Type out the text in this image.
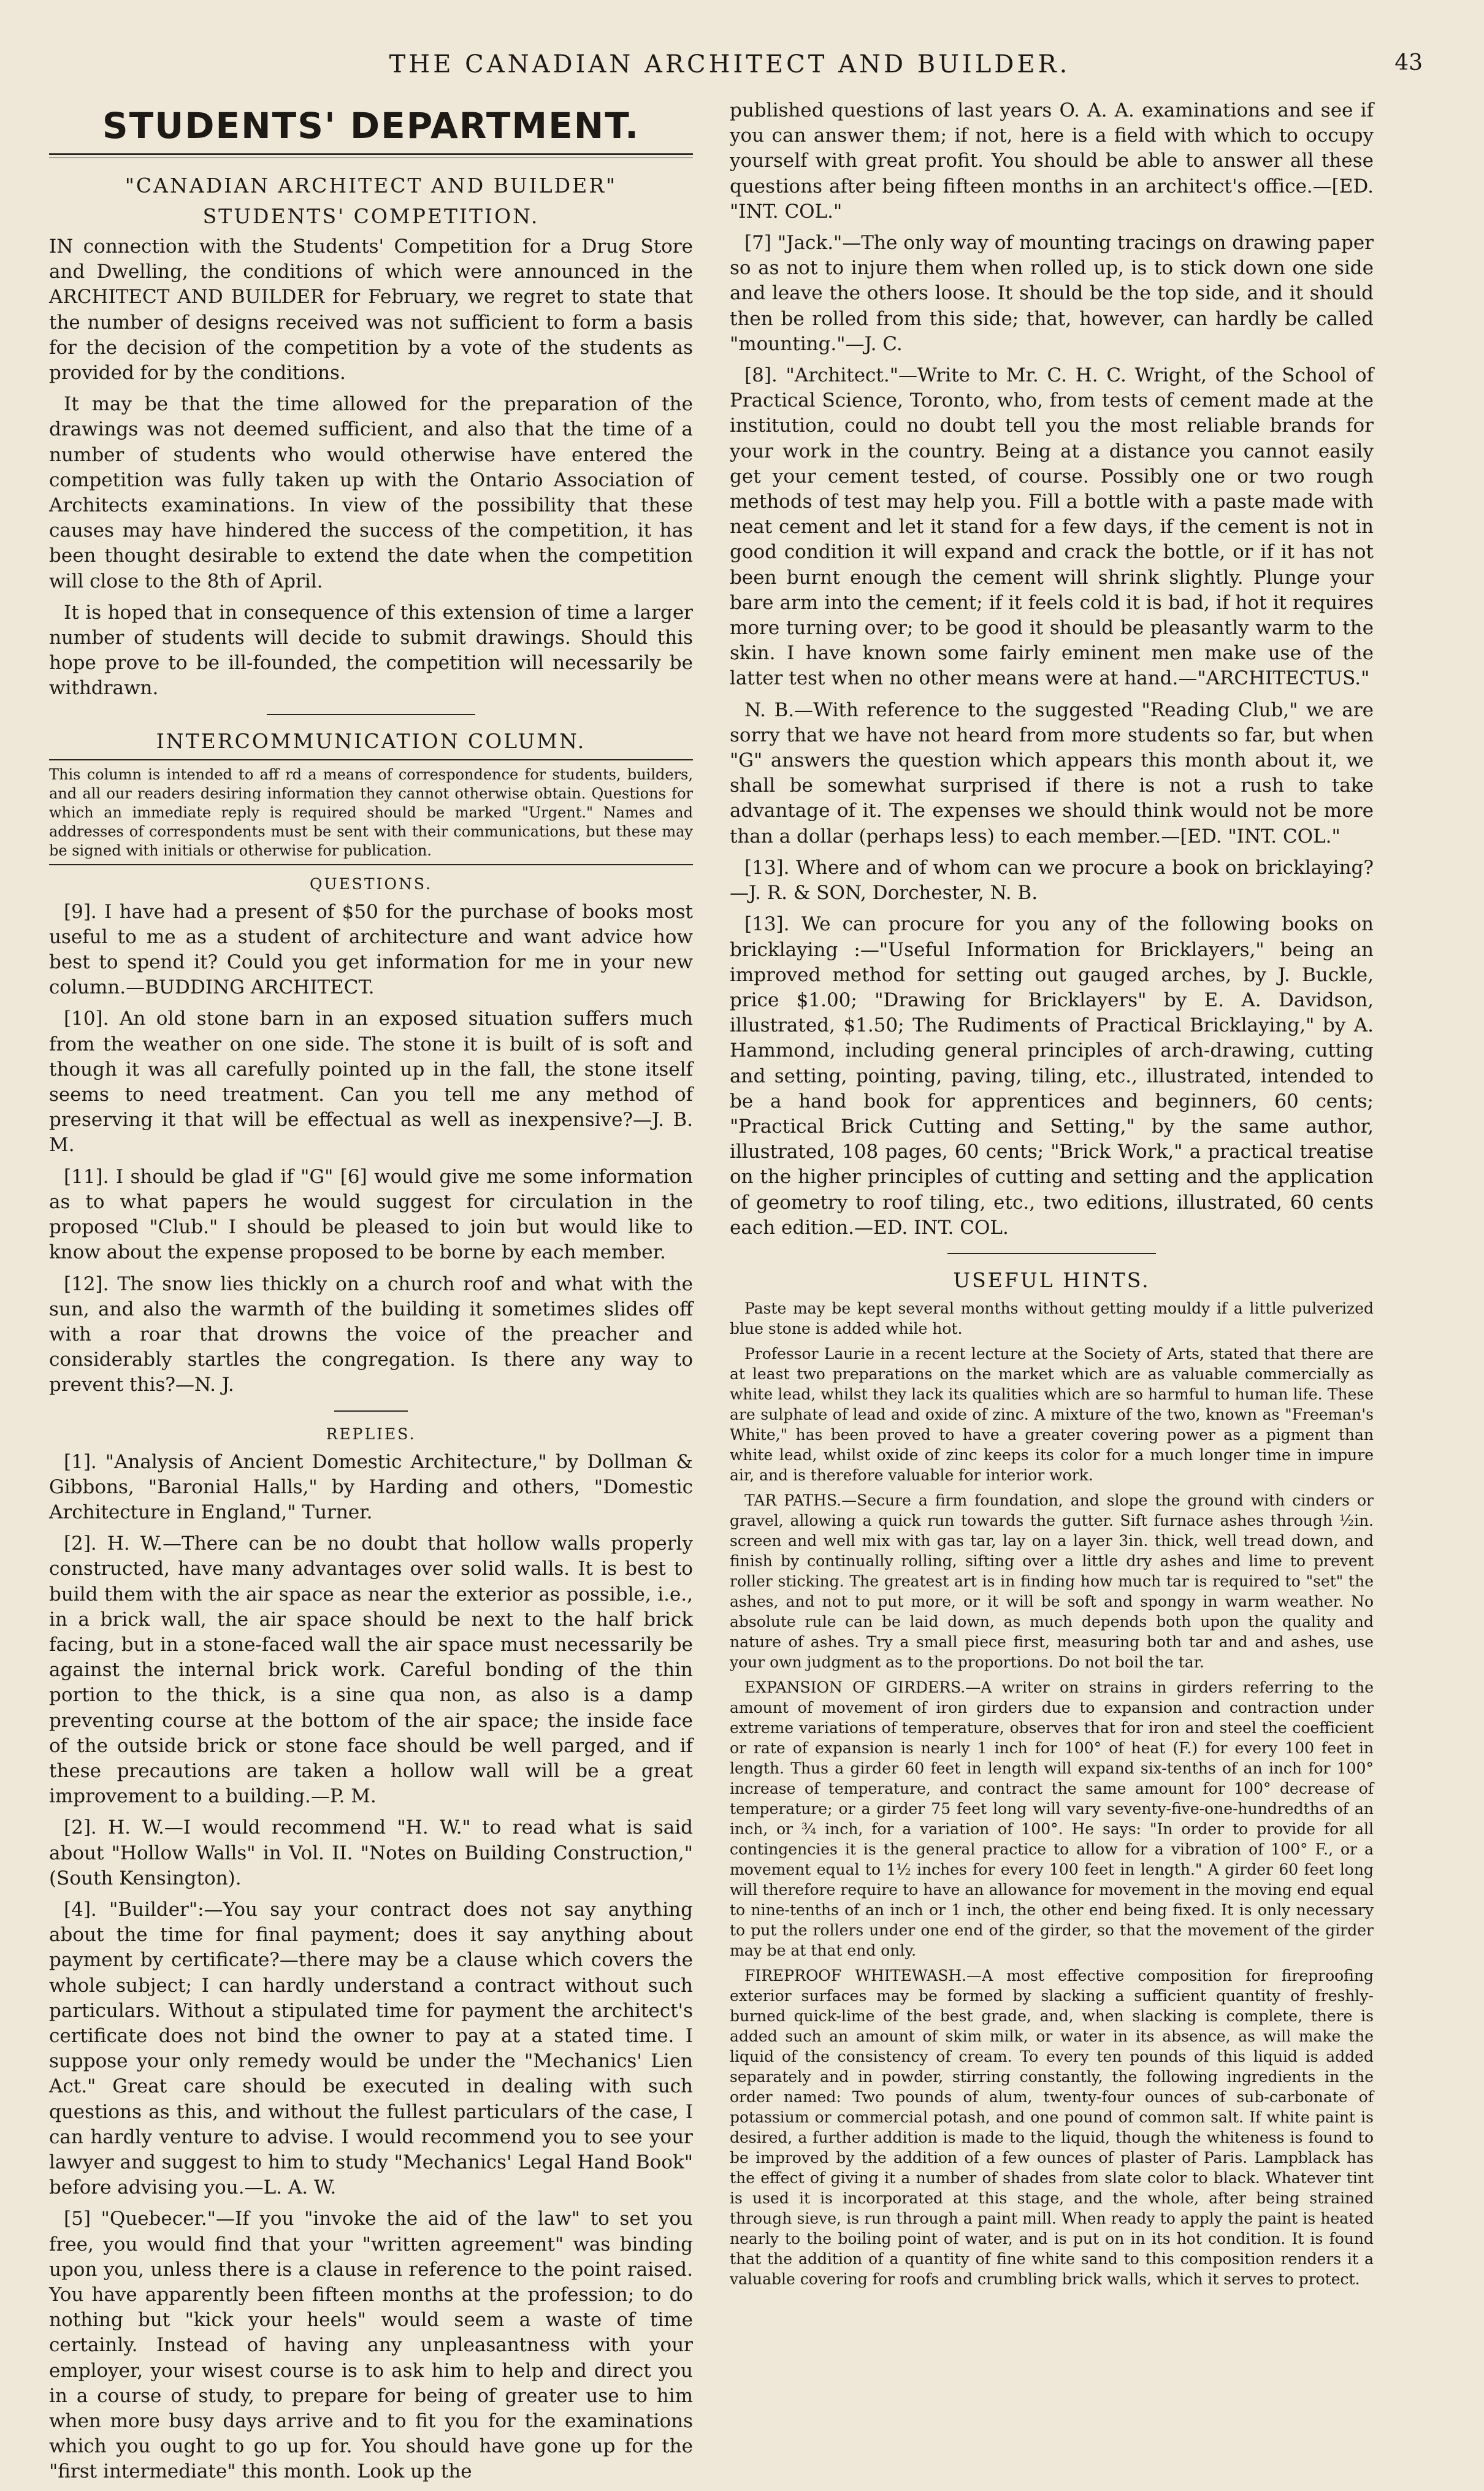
THE CANADIAN ARCHITECT AND BUILDER.	43
STUDENTS' DEPARTMENT.
"CANADIAN ARCHITECT AND BUILDER"
STUDENTS' COMPETITION.

IN connection with the Students' Competition for a Drug Store and Dwelling, the conditions of which were announced in the ARCHITECT AND BUILDER for February, we regret to state that the number of designs received was not sufficient to form a basis for the decision of the competition by a vote of the students as provided for by the conditions.

It may be that the time allowed for the preparation of the drawings was not deemed sufficient, and also that the time of a number of students who would otherwise have entered the competition was fully taken up with the Ontario Association of Architects examinations. In view of the possibility that these causes may have hindered the success of the competition, it has been thought desirable to extend the date when the competition will close to the 8th of April.

It is hoped that in consequence of this extension of time a larger number of students will decide to submit drawings. Should this hope prove to be ill-founded, the competition will necessarily be withdrawn.

INTERCOMMUNICATION COLUMN.
This column is intended to aff rd a means of correspondence for students, builders, and all our readers desiring information they cannot otherwise obtain. Questions for which an immediate reply is required should be marked "Urgent." Names and addresses of correspondents must be sent with their communications, but these may be signed with initials or otherwise for publication.
QUESTIONS.

[9]. I have had a present of $50 for the purchase of books most useful to me as a student of architecture and want advice how best to spend it? Could you get information for me in your new column.—BUDDING ARCHITECT.

[10]. An old stone barn in an exposed situation suffers much from the weather on one side. The stone it is built of is soft and though it was all carefully pointed up in the fall, the stone itself seems to need treatment. Can you tell me any method of preserving it that will be effectual as well as inexpensive?—J. B. M.

[11]. I should be glad if "G" [6] would give me some information as to what papers he would suggest for circulation in the proposed "Club." I should be pleased to join but would like to know about the expense proposed to be borne by each member.

[12]. The snow lies thickly on a church roof and what with the sun, and also the warmth of the building it sometimes slides off with a roar that drowns the voice of the preacher and considerably startles the congregation. Is there any way to prevent this?—N. J.

REPLIES.

[1]. "Analysis of Ancient Domestic Architecture," by Dollman & Gibbons, "Baronial Halls," by Harding and others, "Domestic Architecture in England," Turner.

[2]. H. W.—There can be no doubt that hollow walls properly constructed, have many advantages over solid walls. It is best to build them with the air space as near the exterior as possible, i.e., in a brick wall, the air space should be next to the half brick facing, but in a stone-faced wall the air space must necessarily be against the internal brick work. Careful bonding of the thin portion to the thick, is a sine qua non, as also is a damp preventing course at the bottom of the air space; the inside face of the outside brick or stone face should be well parged, and if these precautions are taken a hollow wall will be a great improvement to a building.—P. M.

[2]. H. W.—I would recommend "H. W." to read what is said about "Hollow Walls" in Vol. II. "Notes on Building Construction," (South Kensington).

[4]. "Builder":—You say your contract does not say anything about the time for final payment; does it say anything about payment by certificate?—there may be a clause which covers the whole subject; I can hardly understand a contract without such particulars. Without a stipulated time for payment the architect's certificate does not bind the owner to pay at a stated time. I suppose your only remedy would be under the "Mechanics' Lien Act." Great care should be executed in dealing with such questions as this, and without the fullest particulars of the case, I can hardly venture to advise. I would recommend you to see your lawyer and suggest to him to study "Mechanics' Legal Hand Book" before advising you.—L. A. W.

[5] "Quebecer."—If you "invoke the aid of the law" to set you free, you would find that your "written agreement" was binding upon you, unless there is a clause in reference to the point raised. You have apparently been fifteen months at the profession; to do nothing but "kick your heels" would seem a waste of time certainly. Instead of having any unpleasantness with your employer, your wisest course is to ask him to help and direct you in a course of study, to prepare for being of greater use to him when more busy days arrive and to fit you for the examinations which you ought to go up for. You should have gone up for the "first intermediate" this month. Look up the

published questions of last years O. A. A. examinations and see if you can answer them; if not, here is a field with which to occupy yourself with great profit. You should be able to answer all these questions after being fifteen months in an architect's office.—[ED. "INT. COL."

[7] "Jack."—The only way of mounting tracings on drawing paper so as not to injure them when rolled up, is to stick down one side and leave the others loose. It should be the top side, and it should then be rolled from this side; that, however, can hardly be called "mounting."—J. C.

[8]. "Architect."—Write to Mr. C. H. C. Wright, of the School of Practical Science, Toronto, who, from tests of cement made at the institution, could no doubt tell you the most reliable brands for your work in the country. Being at a distance you cannot easily get your cement tested, of course. Possibly one or two rough methods of test may help you. Fill a bottle with a paste made with neat cement and let it stand for a few days, if the cement is not in good condition it will expand and crack the bottle, or if it has not been burnt enough the cement will shrink slightly. Plunge your bare arm into the cement; if it feels cold it is bad, if hot it requires more turning over; to be good it should be pleasantly warm to the skin. I have known some fairly eminent men make use of the latter test when no other means were at hand.—"ARCHITECTUS."

N. B.—With reference to the suggested "Reading Club," we are sorry that we have not heard from more students so far, but when "G" answers the question which appears this month about it, we shall be somewhat surprised if there is not a rush to take advantage of it. The expenses we should think would not be more than a dollar (perhaps less) to each member.—[ED. "INT. COL."

[13]. Where and of whom can we procure a book on bricklaying?—J. R. & SON, Dorchester, N. B.

[13]. We can procure for you any of the following books on bricklaying :—"Useful Information for Bricklayers," being an improved method for setting out gauged arches, by J. Buckle, price $1.00; "Drawing for Bricklayers" by E. A. Davidson, illustrated, $1.50; The Rudiments of Practical Bricklaying," by A. Hammond, including general principles of arch-drawing, cutting and setting, pointing, paving, tiling, etc., illustrated, intended to be a hand book for apprentices and beginners, 60 cents; "Practical Brick Cutting and Setting," by the same author, illustrated, 108 pages, 60 cents; "Brick Work," a practical treatise on the higher principles of cutting and setting and the application of geometry to roof tiling, etc., two editions, illustrated, 60 cents each edition.—ED. INT. COL.

USEFUL HINTS.

Paste may be kept several months without getting mouldy if a little pulverized blue stone is added while hot.

Professor Laurie in a recent lecture at the Society of Arts, stated that there are at least two preparations on the market which are as valuable commercially as white lead, whilst they lack its qualities which are so harmful to human life. These are sulphate of lead and oxide of zinc. A mixture of the two, known as "Freeman's White," has been proved to have a greater covering power as a pigment than white lead, whilst oxide of zinc keeps its color for a much longer time in impure air, and is therefore valuable for interior work.

TAR PATHS.—Secure a firm foundation, and slope the ground with cinders or gravel, allowing a quick run towards the gutter. Sift furnace ashes through ½in. screen and well mix with gas tar, lay on a layer 3in. thick, well tread down, and finish by continually rolling, sifting over a little dry ashes and lime to prevent roller sticking. The greatest art is in finding how much tar is required to "set" the ashes, and not to put more, or it will be soft and spongy in warm weather. No absolute rule can be laid down, as much depends both upon the quality and nature of ashes. Try a small piece first, measuring both tar and and ashes, use your own judgment as to the proportions. Do not boil the tar.

EXPANSION OF GIRDERS.—A writer on strains in girders referring to the amount of movement of iron girders due to expansion and contraction under extreme variations of temperature, observes that for iron and steel the coefficient or rate of expansion is nearly 1 inch for 100° of heat (F.) for every 100 feet in length. Thus a girder 60 feet in length will expand six-tenths of an inch for 100° increase of temperature, and contract the same amount for 100° decrease of temperature; or a girder 75 feet long will vary seventy-five-one-hundredths of an inch, or ¾ inch, for a variation of 100°. He says: "In order to provide for all contingencies it is the general practice to allow for a vibration of 100° F., or a movement equal to 1½ inches for every 100 feet in length." A girder 60 feet long will therefore require to have an allowance for movement in the moving end equal to nine-tenths of an inch or 1 inch, the other end being fixed. It is only necessary to put the rollers under one end of the girder, so that the movement of the girder may be at that end only.

FIREPROOF WHITEWASH.—A most effective composition for fireproofing exterior surfaces may be formed by slacking a sufficient quantity of freshly-burned quick-lime of the best grade, and, when slacking is complete, there is added such an amount of skim milk, or water in its absence, as will make the liquid of the consistency of cream. To every ten pounds of this liquid is added separately and in powder, stirring constantly, the following ingredients in the order named: Two pounds of alum, twenty-four ounces of sub-carbonate of potassium or commercial potash, and one pound of common salt. If white paint is desired, a further addition is made to the liquid, though the whiteness is found to be improved by the addition of a few ounces of plaster of Paris. Lampblack has the effect of giving it a number of shades from slate color to black. Whatever tint is used it is incorporated at this stage, and the whole, after being strained through sieve, is run through a paint mill. When ready to apply the paint is heated nearly to the boiling point of water, and is put on in its hot condition. It is found that the addition of a quantity of fine white sand to this composition renders it a valuable covering for roofs and crumbling brick walls, which it serves to protect.
